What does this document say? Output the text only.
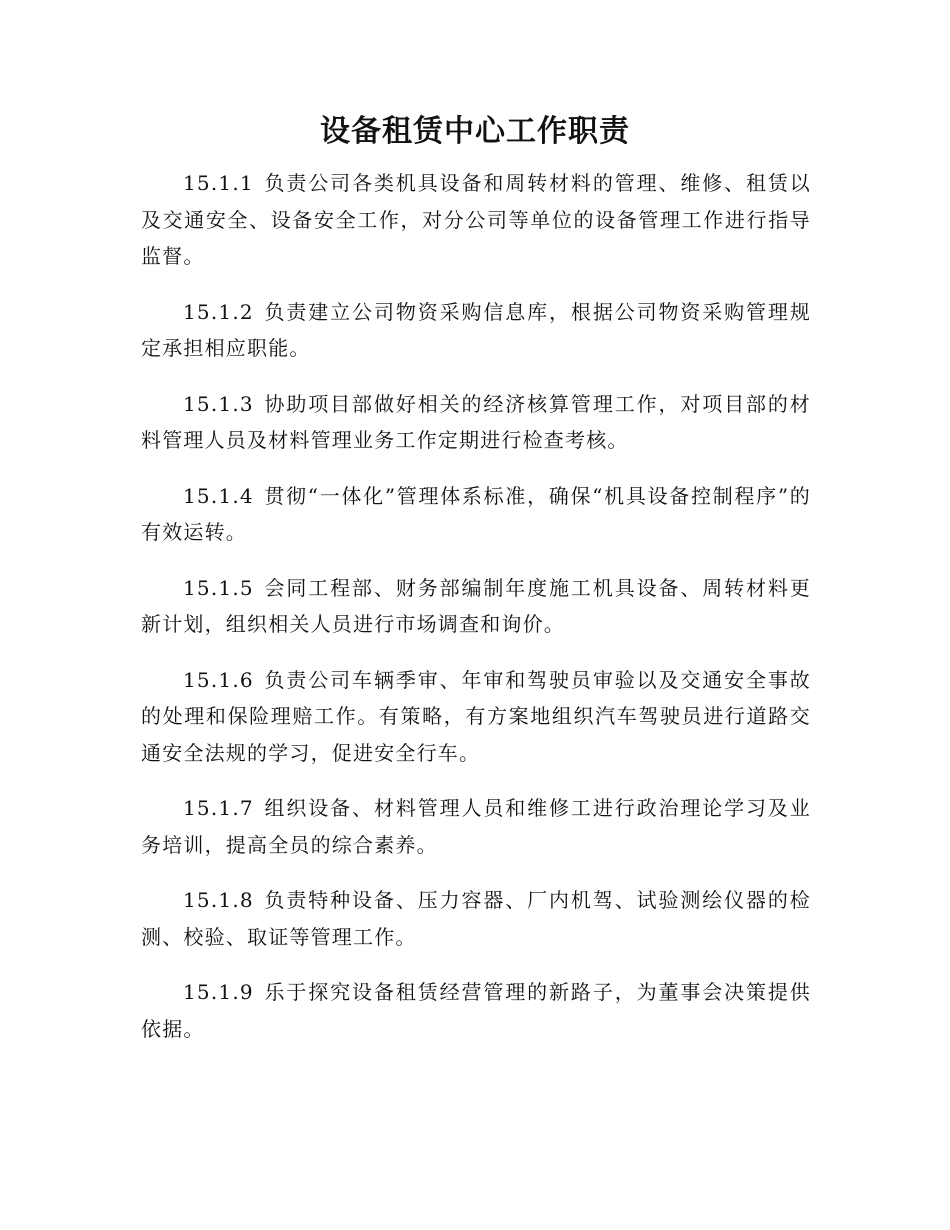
设备租赁中心工作职责

15.1.1 负责公司各类机具设备和周转材料的管理、维修、租赁以及交通安全、设备安全工作，对分公司等单位的设备管理工作进行指导监督。

15.1.2 负责建立公司物资采购信息库，根据公司物资采购管理规定承担相应职能。

15.1.3 协助项目部做好相关的经济核算管理工作，对项目部的材料管理人员及材料管理业务工作定期进行检查考核。

15.1.4 贯彻“一体化”管理体系标准，确保“机具设备控制程序”的有效运转。

15.1.5 会同工程部、财务部编制年度施工机具设备、周转材料更新计划，组织相关人员进行市场调查和询价。

15.1.6 负责公司车辆季审、年审和驾驶员审验以及交通安全事故的处理和保险理赔工作。有策略，有方案地组织汽车驾驶员进行道路交通安全法规的学习，促进安全行车。

15.1.7 组织设备、材料管理人员和维修工进行政治理论学习及业务培训，提高全员的综合素养。

15.1.8 负责特种设备、压力容器、厂内机驾、试验测绘仪器的检测、校验、取证等管理工作。

15.1.9 乐于探究设备租赁经营管理的新路子，为董事会决策提供依据。
